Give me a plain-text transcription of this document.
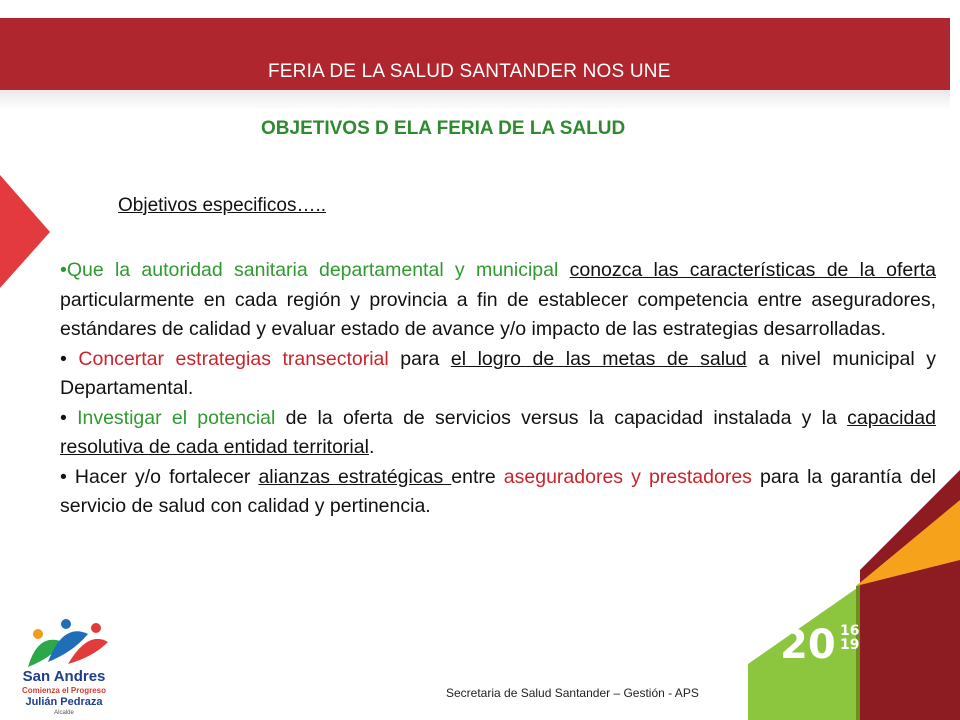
FERIA DE LA SALUD SANTANDER NOS UNE
OBJETIVOS D ELA FERIA DE LA SALUD
Objetivos especificos…..

•Que la autoridad sanitaria departamental y municipal conozca las características de la oferta particularmente en cada región y provincia a fin de establecer competencia entre aseguradores, estándares de calidad y evaluar estado de avance y/o impacto de las estrategias desarrolladas.

• Concertar estrategias transectorial para el logro de las metas de salud a nivel municipal y Departamental.

• Investigar el potencial de la oferta de servicios versus la capacidad instalada y la capacidad resolutiva de cada entidad territorial.

• Hacer y/o fortalecer alianzas estratégicas entre aseguradores y prestadores para la garantía del servicio de salud con calidad y pertinencia.

San Andres
Comienza el Progreso
Julián Pedraza
Alcalde
20 16
19
Secretaria de Salud Santander – Gestión - APS
